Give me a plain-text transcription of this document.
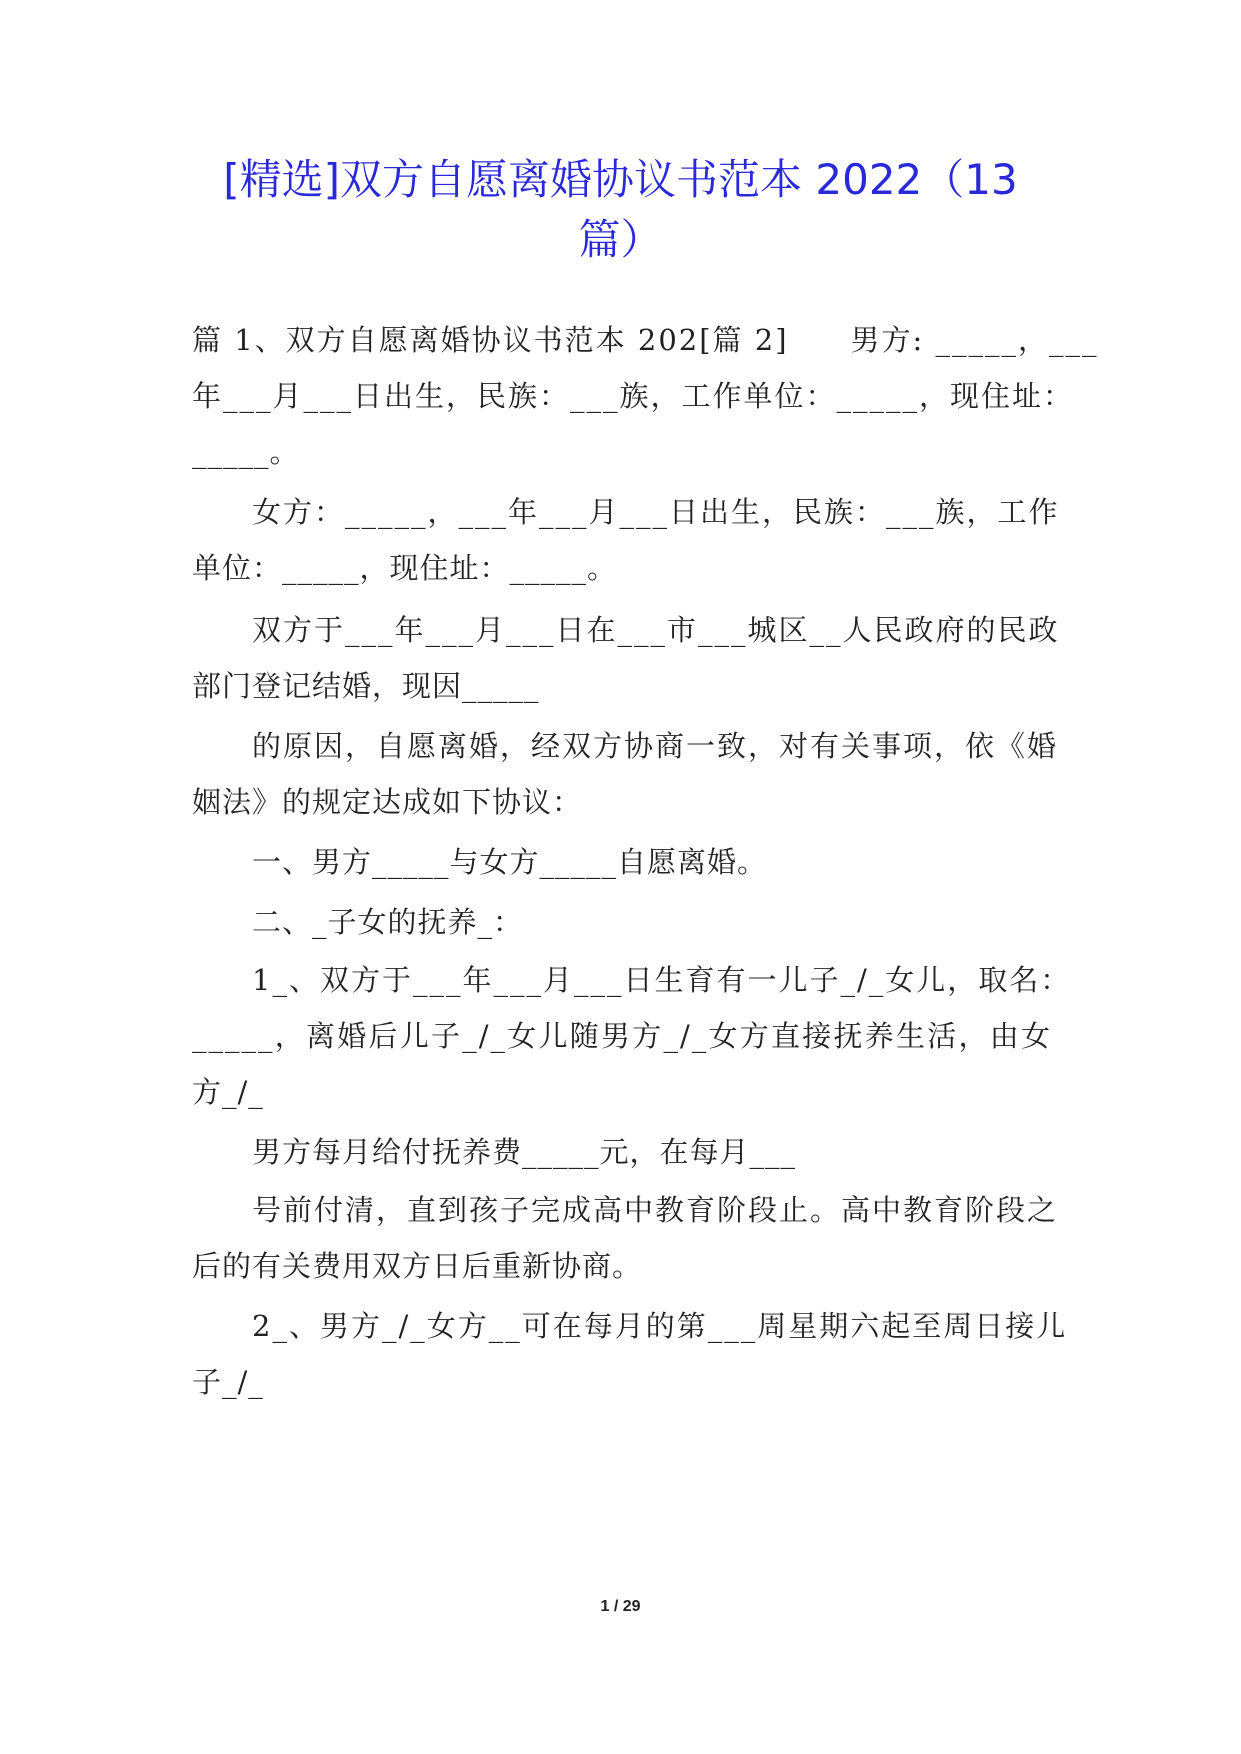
[精选]双方自愿离婚协议书范本 2022（13
篇）
篇 1、双方自愿离婚协议书范本 202[篇 2]　　男方: _____，___
年___月___日出生，民族：___族，工作单位：_____，现住址：
_____。
女方：_____，___年___月___日出生，民族：___族，工作
单位：_____，现住址：_____。
双方于___年___月___日在___市___城区__人民政府的民政
部门登记结婚，现因_____
的原因，自愿离婚，经双方协商一致，对有关事项，依《婚
姻法》的规定达成如下协议：
一、男方_____与女方_____自愿离婚。
二、_子女的抚养_：
1_、双方于___年___月___日生育有一儿子_/_女儿，取名：
_____，离婚后儿子_/_女儿随男方_/_女方直接抚养生活，由女
方_/_
男方每月给付抚养费_____元，在每月___
号前付清，直到孩子完成高中教育阶段止。高中教育阶段之
后的有关费用双方日后重新协商。
2_、男方_/_女方__可在每月的第___周星期六起至周日接儿
子_/_
1 / 29
